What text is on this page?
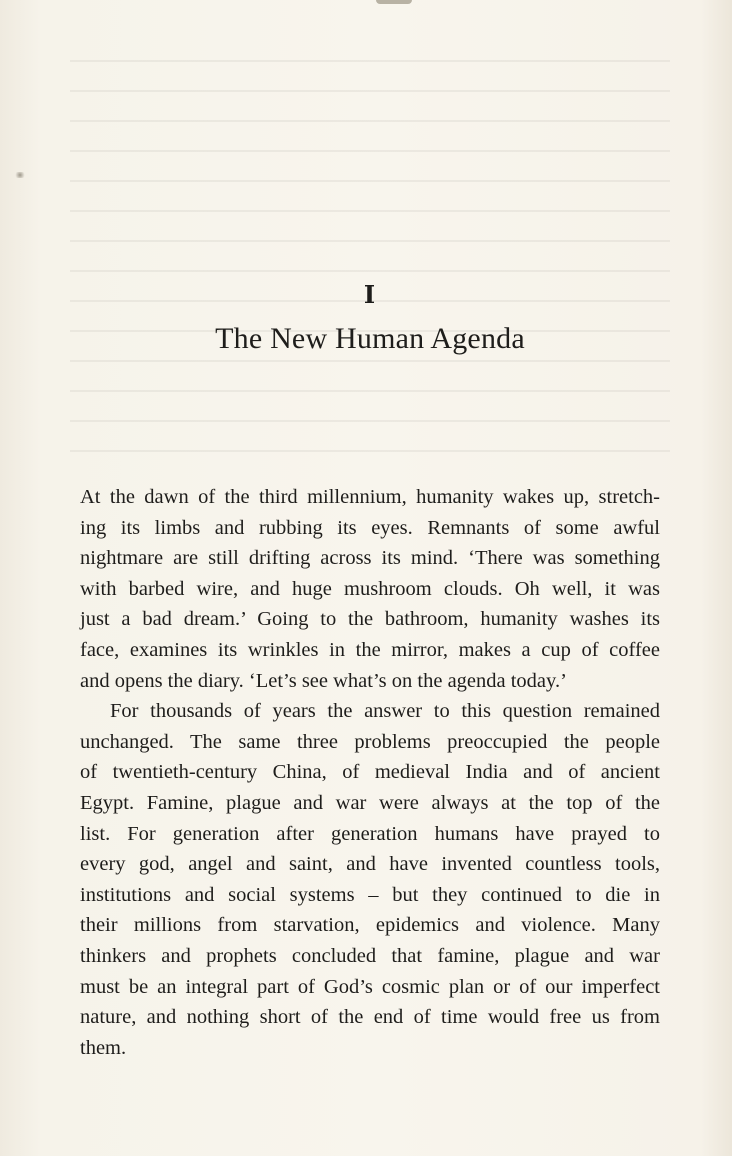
I
The New Human Agenda
At the dawn of the third millennium, humanity wakes up, stretch-
ing its limbs and rubbing its eyes. Remnants of some awful
nightmare are still drifting across its mind. ‘There was something
with barbed wire, and huge mushroom clouds. Oh well, it was
just a bad dream.’ Going to the bathroom, humanity washes its
face, examines its wrinkles in the mirror, makes a cup of coffee
and opens the diary. ‘Let’s see what’s on the agenda today.’
For thousands of years the answer to this question remained
unchanged. The same three problems preoccupied the people
of twentieth-century China, of medieval India and of ancient
Egypt. Famine, plague and war were always at the top of the
list. For generation after generation humans have prayed to
every god, angel and saint, and have invented countless tools,
institutions and social systems – but they continued to die in
their millions from starvation, epidemics and violence. Many
thinkers and prophets concluded that famine, plague and war
must be an integral part of God’s cosmic plan or of our imperfect
nature, and nothing short of the end of time would free us from
them.
